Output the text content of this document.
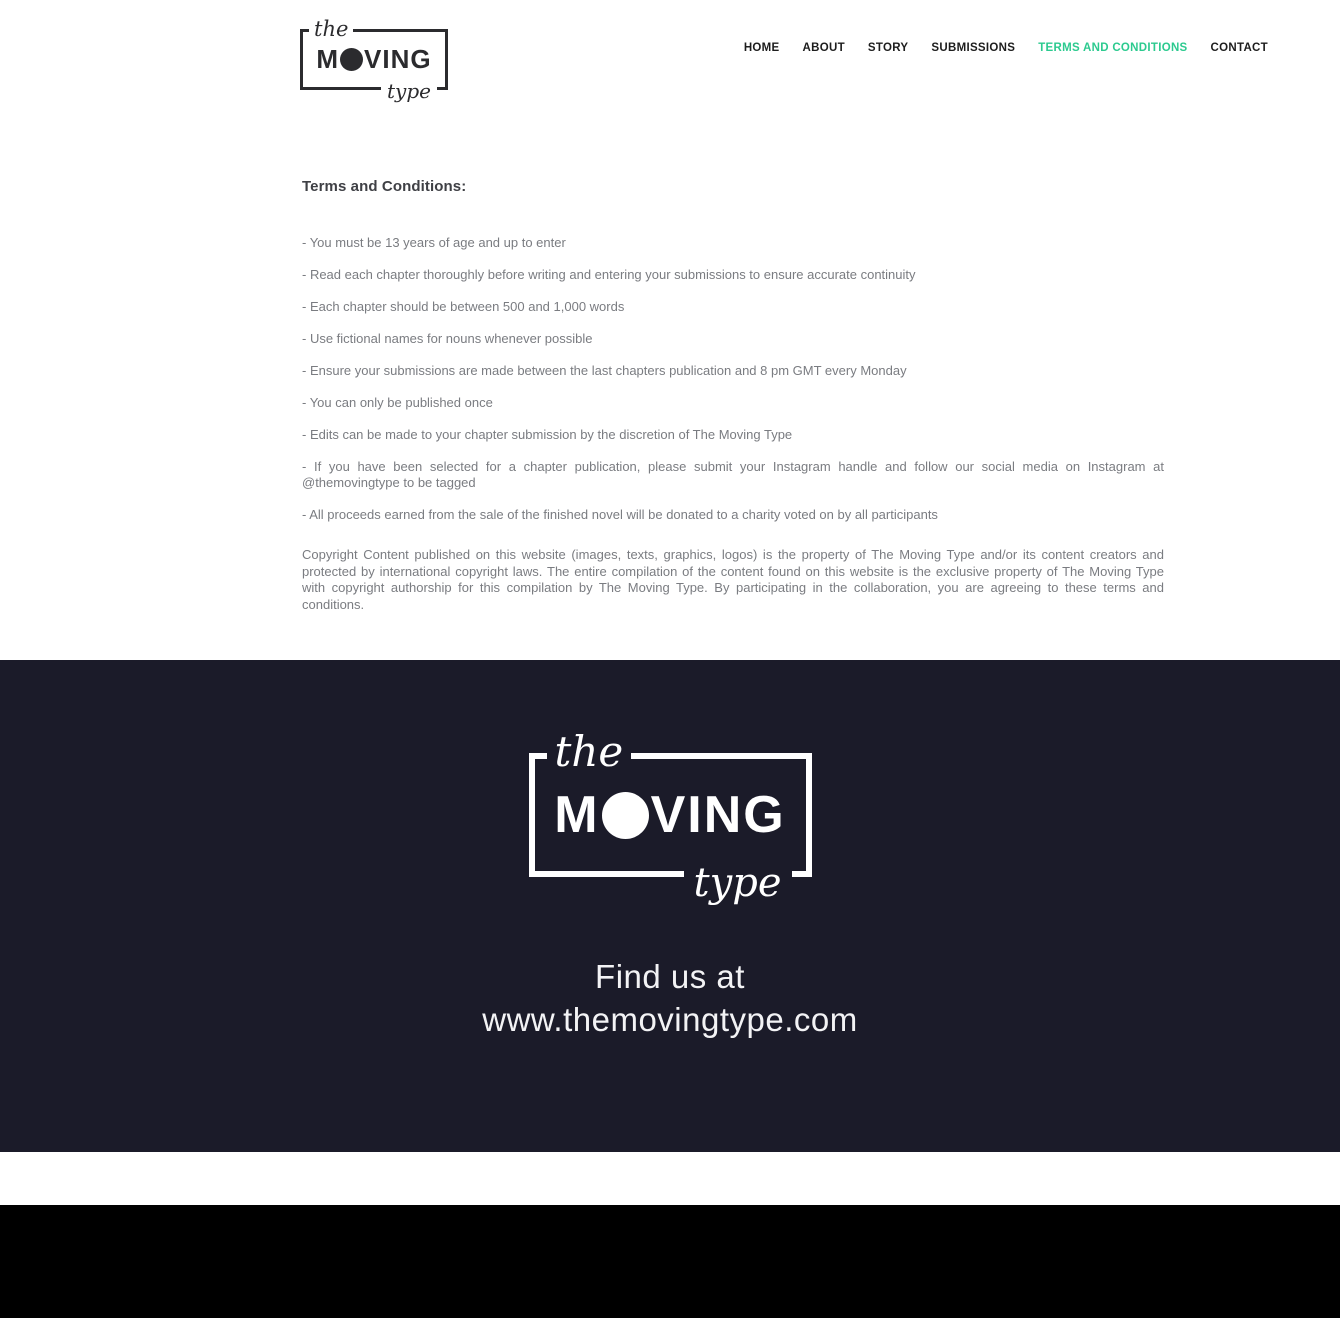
the
M VING
type
HOME ABOUT STORY SUBMISSIONS TERMS AND CONDITIONS CONTACT
Terms and Conditions:

- You must be 13 years of age and up to enter

- Read each chapter thoroughly before writing and entering your submissions to ensure accurate continuity

- Each chapter should be between 500 and 1,000 words

- Use fictional names for nouns whenever possible

- Ensure your submissions are made between the last chapters publication and 8 pm GMT every Monday

- You can only be published once

- Edits can be made to your chapter submission by the discretion of The Moving Type

- If you have been selected for a chapter publication, please submit your Instagram handle and follow our social media on Instagram at @themovingtype to be tagged

- All proceeds earned from the sale of the finished novel will be donated to a charity voted on by all participants

Copyright Content published on this website (images, texts, graphics, logos) is the property of The Moving Type and/or its content creators and protected by international copyright laws. The entire compilation of the content found on this website is the exclusive property of The Moving Type with copyright authorship for this compilation by The Moving Type. By participating in the collaboration, you are agreeing to these terms and conditions.

the
M VING
type
Find us at
www.themovingtype.com
